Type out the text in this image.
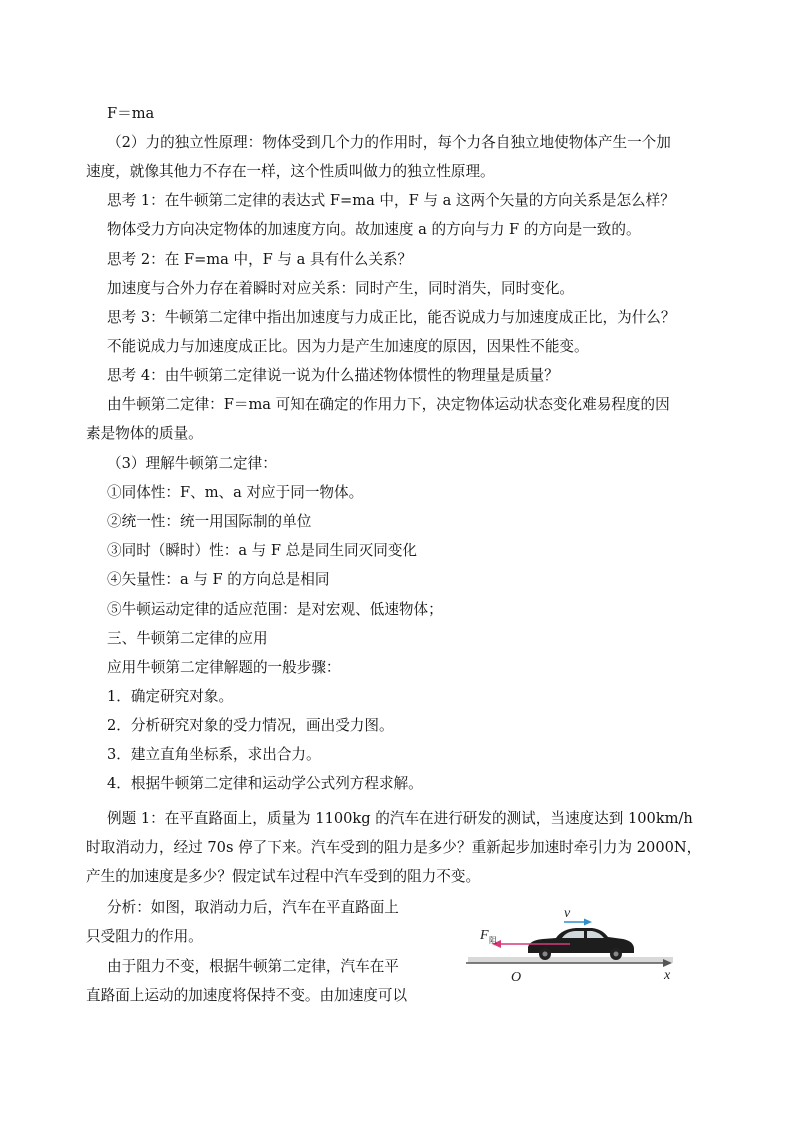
F＝ma
（2）力的独立性原理：物体受到几个力的作用时，每个力各自独立地使物体产生一个加
速度，就像其他力不存在一样，这个性质叫做力的独立性原理。
思考 1：在牛顿第二定律的表达式 F=ma 中，F 与 a 这两个矢量的方向关系是怎么样？
物体受力方向决定物体的加速度方向。故加速度 a 的方向与力 F 的方向是一致的。
思考 2：在 F=ma 中，F 与 a 具有什么关系？
加速度与合外力存在着瞬时对应关系：同时产生，同时消失，同时变化。
思考 3：牛顿第二定律中指出加速度与力成正比，能否说成力与加速度成正比，为什么？
不能说成力与加速度成正比。因为力是产生加速度的原因，因果性不能变。
思考 4：由牛顿第二定律说一说为什么描述物体惯性的物理量是质量？
由牛顿第二定律：F＝ma 可知在确定的作用力下，决定物体运动状态变化难易程度的因
素是物体的质量。
（3）理解牛顿第二定律：
①同体性：F、m、a 对应于同一物体。
②统一性：统一用国际制的单位
③同时（瞬时）性：a 与 F 总是同生同灭同变化
④矢量性：a 与 F 的方向总是相同
⑤牛顿运动定律的适应范围：是对宏观、低速物体；
三、牛顿第二定律的应用
应用牛顿第二定律解题的一般步骤：
1．确定研究对象。
2．分析研究对象的受力情况，画出受力图。
3．建立直角坐标系，求出合力。
4．根据牛顿第二定律和运动学公式列方程求解。
例题 1：在平直路面上，质量为 1100kg 的汽车在进行研发的测试，当速度达到 100km/h
时取消动力，经过 70s 停了下来。汽车受到的阻力是多少？重新起步加速时牵引力为 2000N，
产生的加速度是多少？假定试车过程中汽车受到的阻力不变。
分析：如图，取消动力后，汽车在平直路面上
只受阻力的作用。
由于阻力不变，根据牛顿第二定律，汽车在平
直路面上运动的加速度将保持不变。由加速度可以
v
F 阻
O	x
